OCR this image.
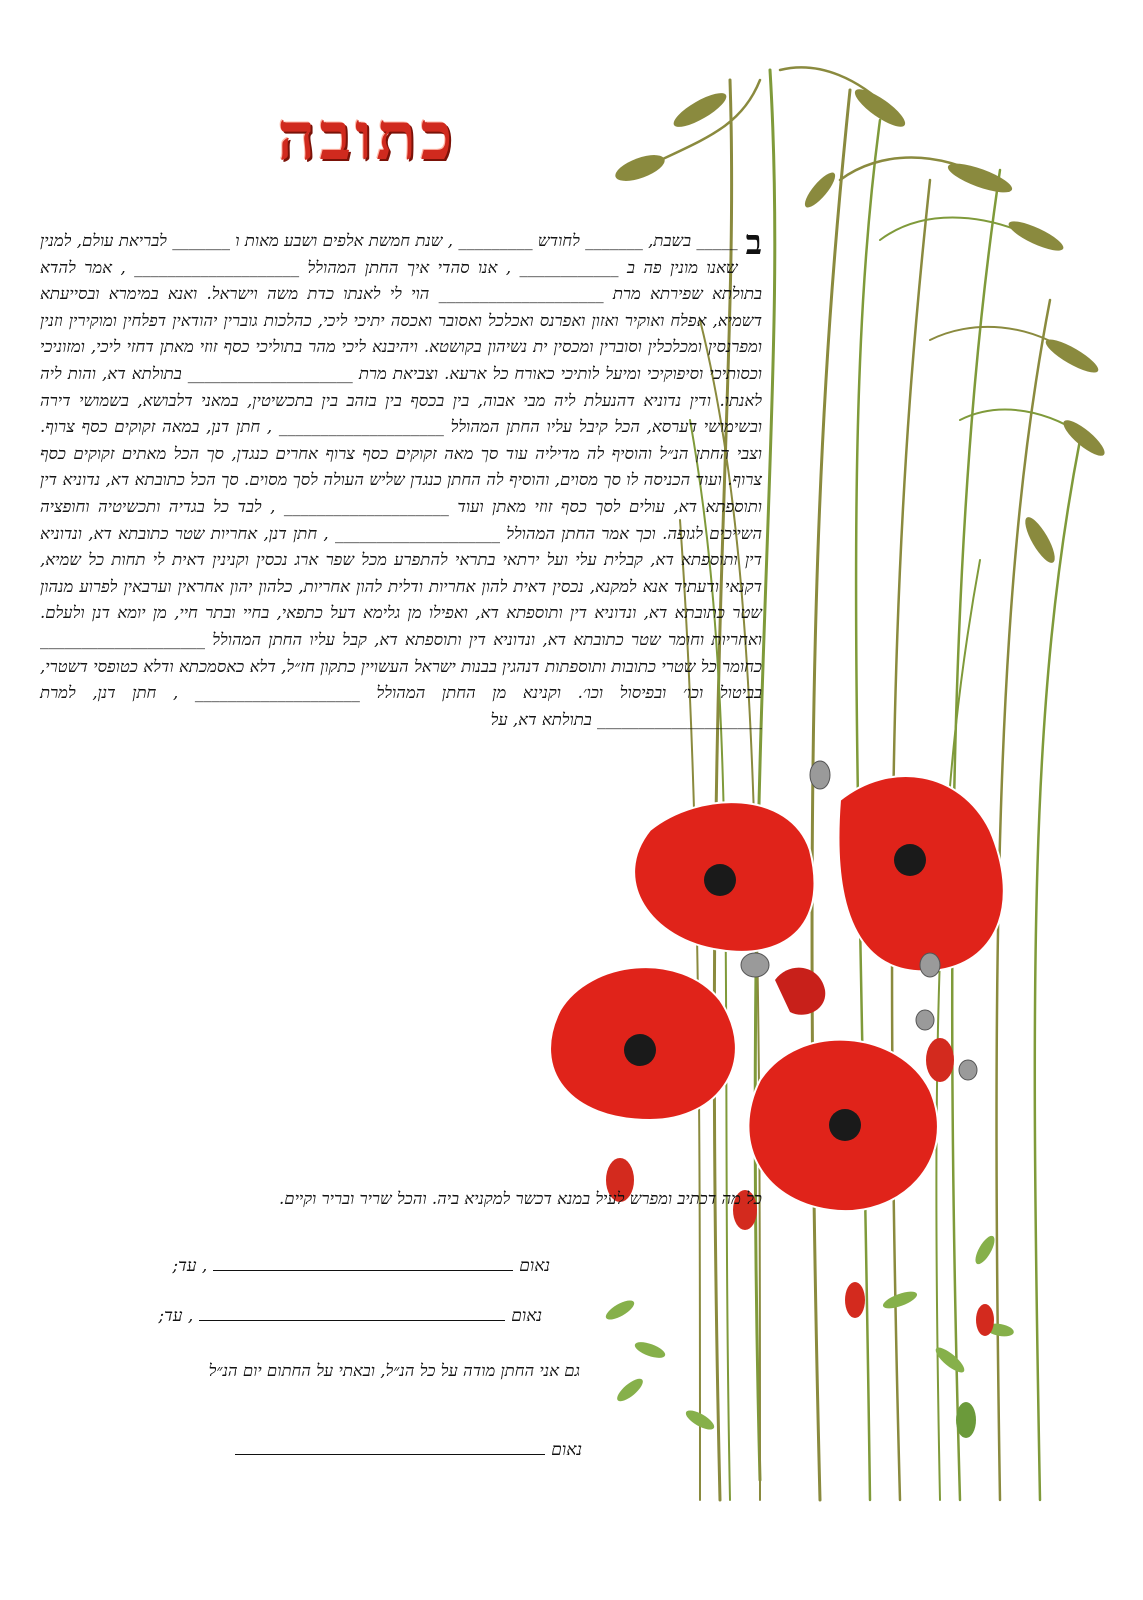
כתובה

ב
_____ בשבת, _______ לחודש _________ , שנת חמשת אלפים ושבע מאות ו _______ לבריאת עולם, למנין שאנו מונין פה ב ____________ , אנו סהדי איך החתן המהולל ____________________ , אמר להדא בתולתא שפירתא מרת ____________________ הוי לי לאנתו כדת משה וישראל. ואנא במימרא ובסייעתא דשמיא, אפלח ואוקיר ואזון ואפרנס ואכלכל ואסובר ואכסה יתיכי ליכי, כהלכות גוברין יהודאין דפלחין ומוקירין וזנין ומפרנסין ומכלכלין וסוברין ומכסין ית נשיהון בקושטא. ויהיבנא ליכי מהר בתוליכי כסף זוזי מאתן דחזי ליכי, ומזוניכי וכסותיכי וסיפוקיכי ומיעל לותיכי כאורח כל ארעא. וצביאת מרת ____________________ בתולתא דא, והות ליה לאנתו. ודין נדוניא דהנעלת ליה מבי אבוה, בין בכסף בין בזהב בין בתכשיטין, במאני דלבושא, בשמושי דירה ובשימושי דערסא, הכל קיבל עליו החתן המהולל ____________________ , חתן דנן, במאה זקוקים כסף צרוף. וצבי החתן הנ״ל והוסיף לה מדיליה עוד סך מאה זקוקים כסף צרוף אחרים כנגדן, סך הכל מאתים זקוקים כסף צרוף. ועוד הכניסה לו סך מסוים, והוסיף לה החתן כנגדן שליש העולה לסך מסוים. סך הכל כתובתא דא, נדוניא דין ותוספתא דא, עולים לסך כסף זוזי מאתן ועוד ____________________ , לבד כל בגדיה ותכשיטיה וחופציה השייכים לגופה. וכך אמר החתן המהולל ____________________ , חתן דנן, אחריות שטר כתובתא דא, ונדוניא דין ותוספתא דא, קבלית עלי ועל ירתאי בתראי להתפרע מכל שפר ארג נכסין וקנינין דאית לי תחות כל שמיא, דקנאי ודעתיד אנא למקנא, נכסין דאית להון אחריות ודלית להון אחריות, כלהון יהון אחראין וערבאין לפרוע מנהון שטר כתובתא דא, ונדוניא דין ותוספתא דא, ואפילו מן גלימא דעל כתפאי, בחיי ובתר חיי, מן יומא דנן ולעלם. ואחריות וחומר שטר כתובתא דא, ונדוניא דין ותוספתא דא, קבל עליו החתן המהולל ____________________ כחומר כל שטרי כתובות ותוספתות דנהגין בבנות ישראל העשויין כתקון חז״ל, דלא כאסמכתא ודלא כטופסי דשטרי, בביטול וכו׳ ובפיסול וכו׳. וקנינא מן החתן המהולל ____________________ , חתן דנן, למרת ____________________ בתולתא דא, על

כל מה דכתיב ומפרש לעיל במנא דכשר למקניא ביה. והכל שריר ובריר וקיים.

נאום, עד;
נאום, עד;

גם אני החתן מודה על כל הנ״ל, ובאתי על החתום יום הנ״ל

נאום
